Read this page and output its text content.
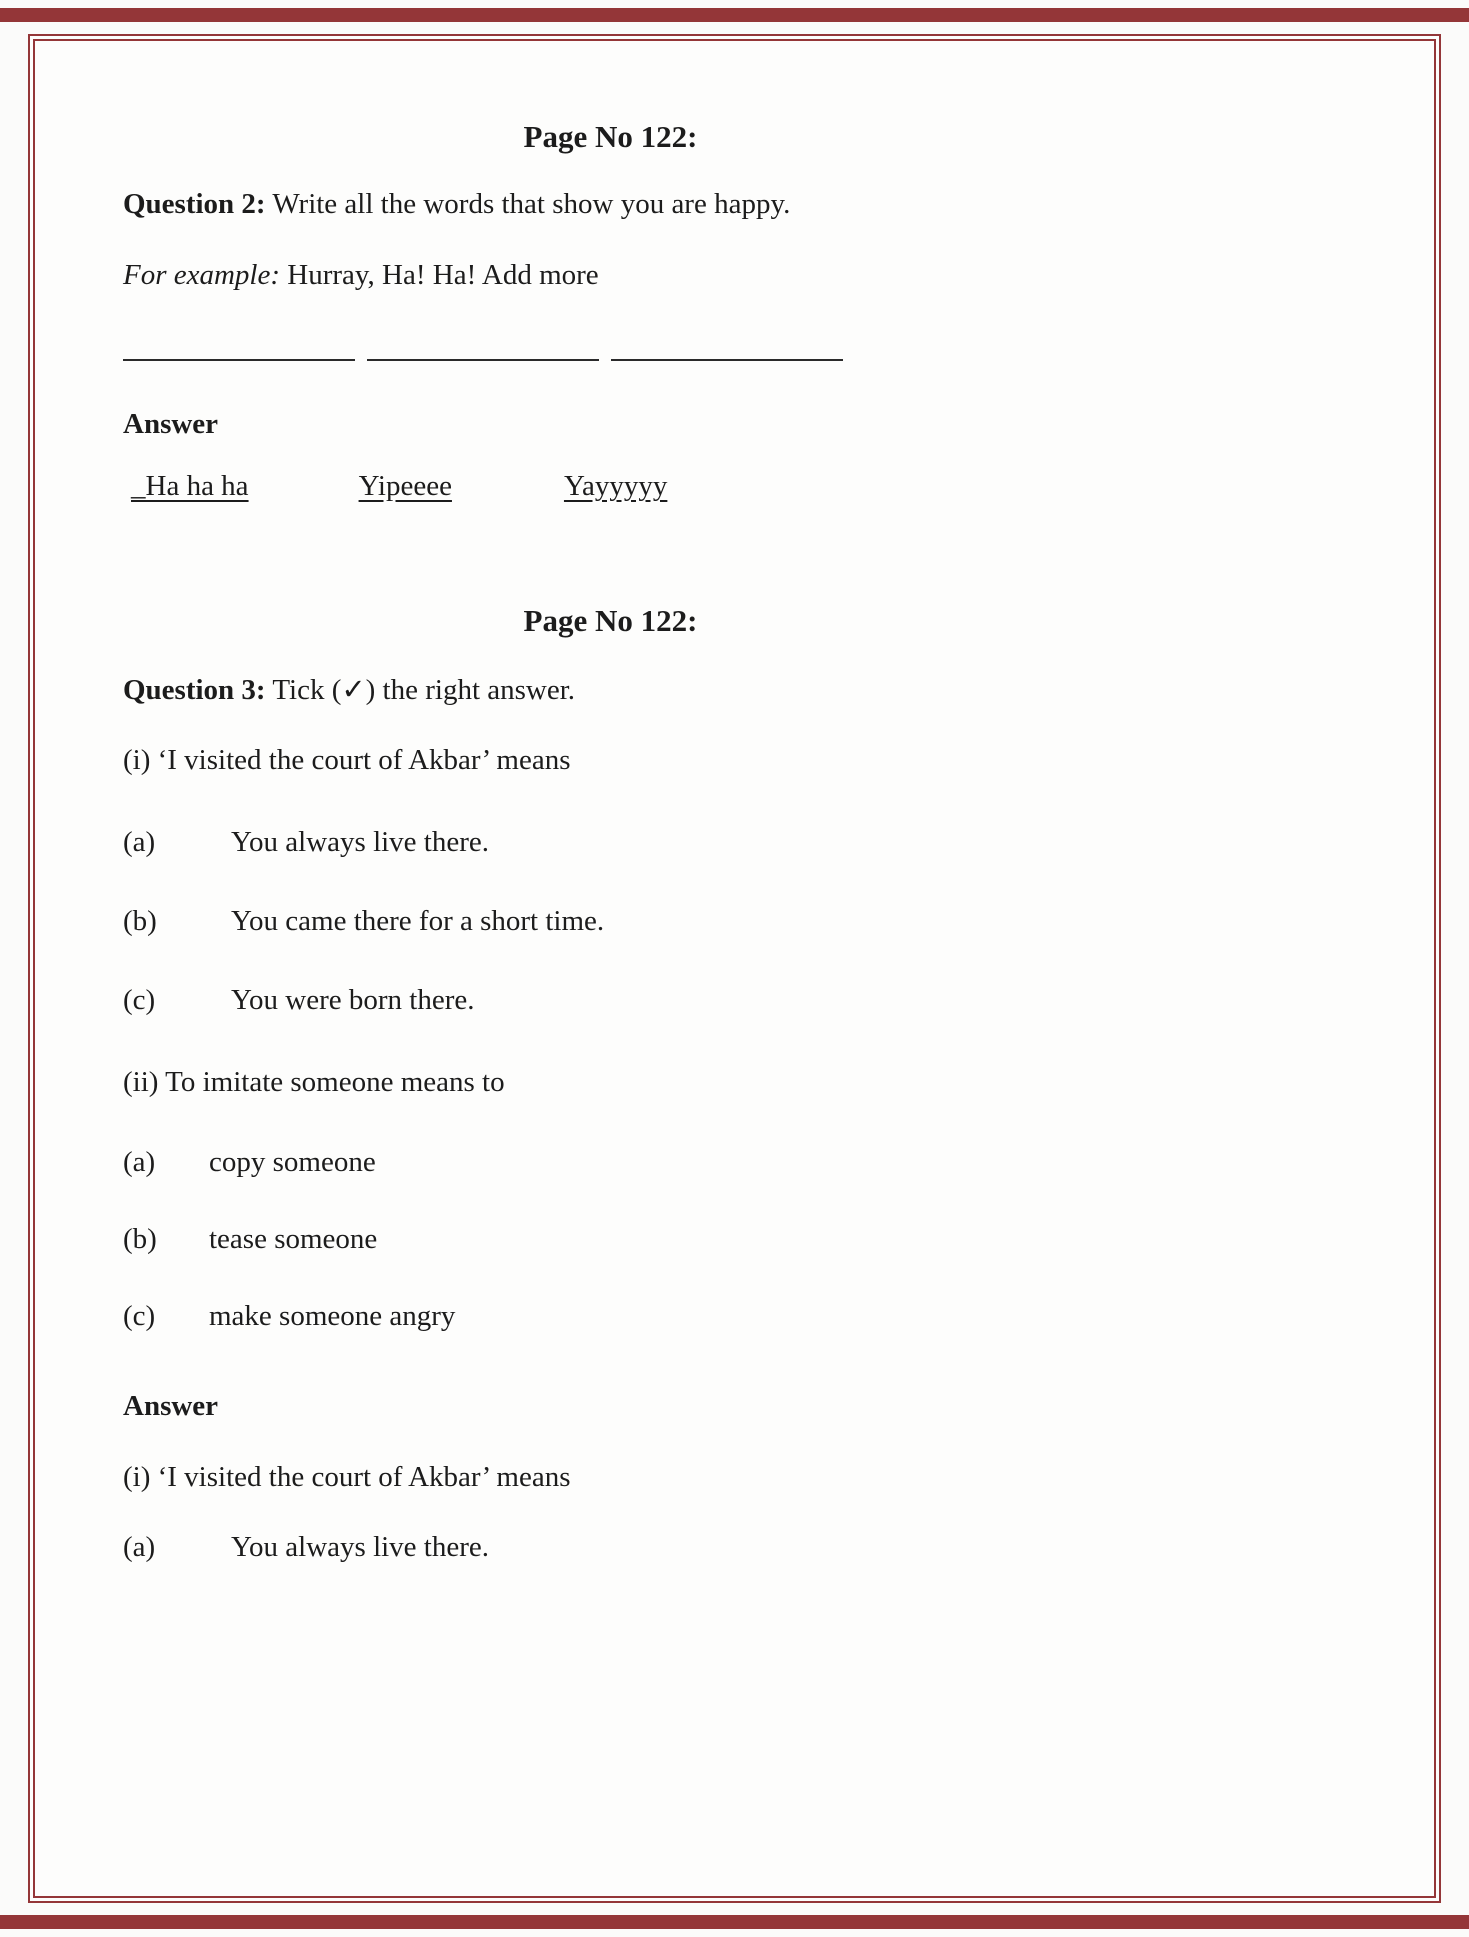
Page No 122:

Question 2: Write all the words that show you are happy.

For example: Hurray, Ha! Ha! Add more

Answer

_Ha ha ha	Yipeeee	Yayyyyy

Page No 122:

Question 3: Tick (✓) the right answer.

(i) ‘I visited the court of Akbar’ means

(a)	You always live there.
(b)	You came there for a short time.
(c)	You were born there.

(ii) To imitate someone means to

(a)	copy someone
(b)	tease someone
(c)	make someone angry

Answer

(i) ‘I visited the court of Akbar’ means

(a)	You always live there.
